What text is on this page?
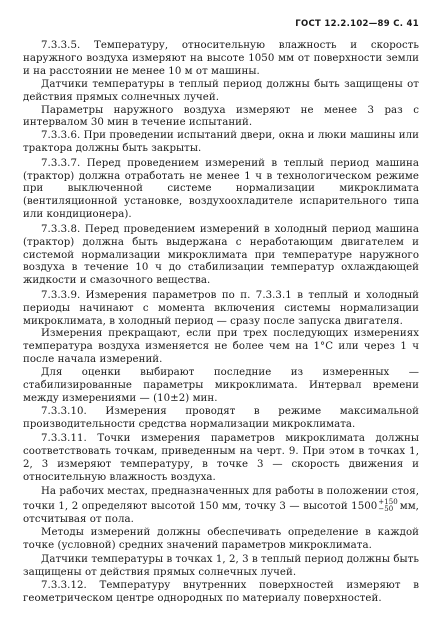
ГОСТ 12.2.102—89 С. 41

7.3.3.5. Температуру, относительную влажность и скорость наружного воздуха измеряют на высоте 1050 мм от поверхности земли и на расстоянии не менее 10 м от машины.

Датчики температуры в теплый период должны быть защищены от действия прямых солнечных лучей.

Параметры наружного воздуха измеряют не менее 3 раз с интервалом 30 мин в течение испытаний.

7.3.3.6. При проведении испытаний двери, окна и люки машины или трактора должны быть закрыты.

7.3.3.7. Перед проведением измерений в теплый период машина (трактор) должна отработать не менее 1 ч в технологическом режиме при выключенной системе нормализации микроклимата (вентиляционной установке, воздухоохладителе испарительного типа или кондиционера).

7.3.3.8. Перед проведением измерений в холодный период машина (трактор) должна быть выдержана с неработающим двигателем и системой нормализации микроклимата при температуре наружного воздуха в течение 10 ч до стабилизации температур охлаждающей жидкости и смазочного вещества.

7.3.3.9. Измерения параметров по п. 7.3.3.1 в теплый и холодный периоды начинают с момента включения системы нормализации микроклимата, в холодный период — сразу после запуска двигателя.

Измерения прекращают, если при трех последующих измерениях температура воздуха изменяется не более чем на 1°С или через 1 ч после начала измерений.

Для оценки выбирают последние из измеренных — стабилизированные параметры микроклимата. Интервал времени между измерениями — (10±2) мин.

7.3.3.10. Измерения проводят в режиме максимальной производительности средства нормализации микроклимата.

7.3.3.11. Точки измерения параметров микроклимата должны соответствовать точкам, приведенным на черт. 9. При этом в точках 1, 2, 3 измеряют температуру, в точке 3 — скорость движения и относительную влажность воздуха.

На рабочих местах, предназначенных для работы в положении стоя, точки 1, 2 определяют высотой 150 мм, точку 3 — высотой 1500 +150
−50 мм, отсчитывая от пола.

Методы измерений должны обеспечивать определение в каждой точке (условной) средних значений параметров микроклимата.

Датчики температуры в точках 1, 2, 3 в теплый период должны быть защищены от действия прямых солнечных лучей.

7.3.3.12. Температуру внутренних поверхностей измеряют в геометрическом центре однородных по материалу поверхностей.
